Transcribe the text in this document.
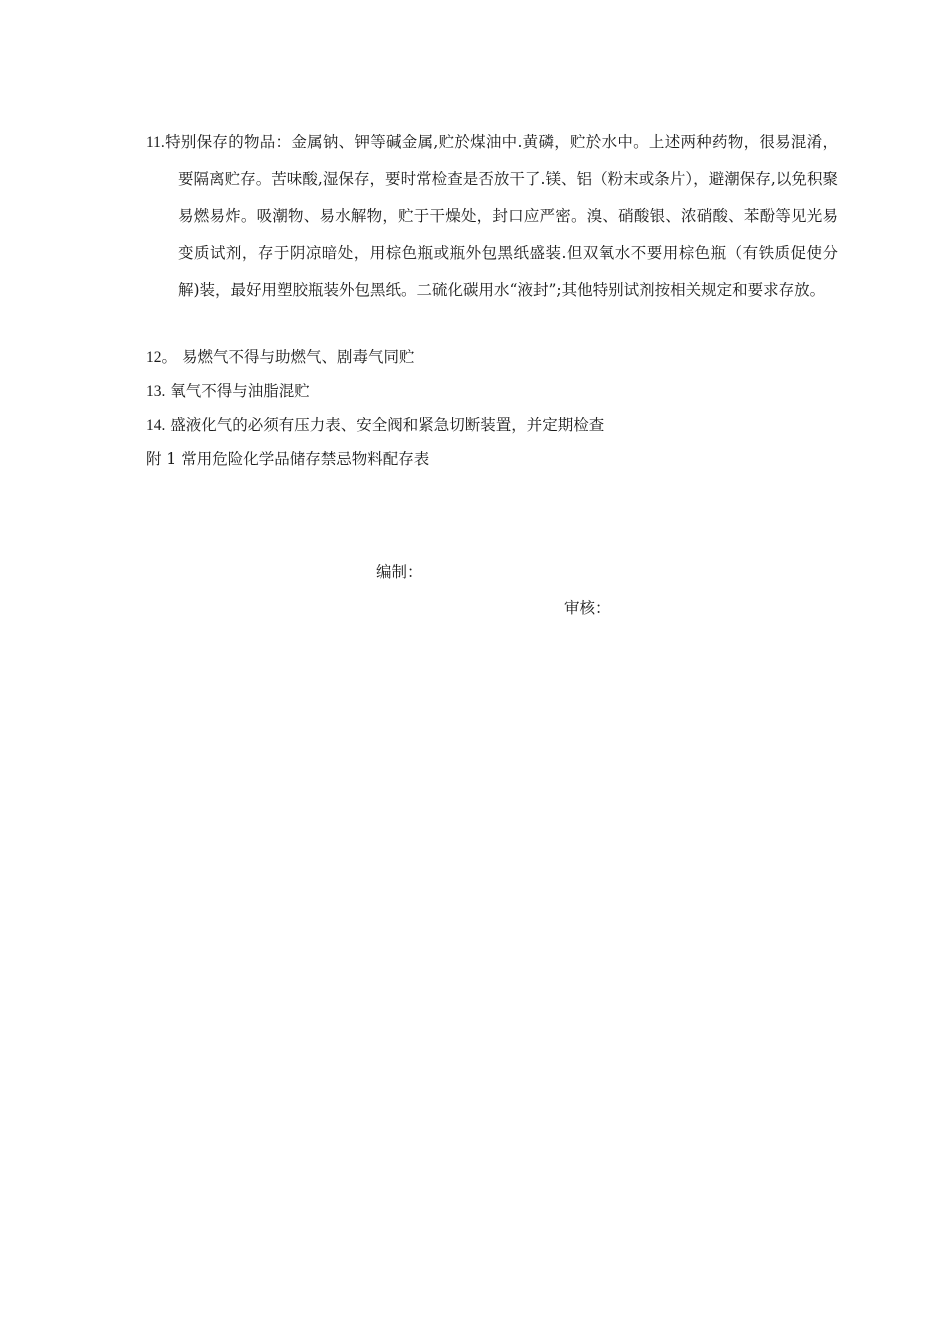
11.特别保存的物品：金属钠、钾等碱金属,贮於煤油中.黄磷，贮於水中。上述两种药物，很易混淆，要隔离贮存。苦味酸,湿保存，要时常检查是否放干了.镁、铝（粉末或条片），避潮保存,以免积聚易燃易炸。吸潮物、易水解物，贮于干燥处，封口应严密。溴、硝酸银、浓硝酸、苯酚等见光易变质试剂，存于阴凉暗处，用棕色瓶或瓶外包黑纸盛装.但双氧水不要用棕色瓶（有铁质促使分解)装，最好用塑胶瓶装外包黑纸。二硫化碳用水“液封”;其他特别试剂按相关规定和要求存放。
12。 易燃气不得与助燃气、剧毒气同贮
13. 氧气不得与油脂混贮
14. 盛液化气的必须有压力表、安全阀和紧急切断装置，并定期检查
附 1 常用危险化学品储存禁忌物料配存表
编制：
审核：
